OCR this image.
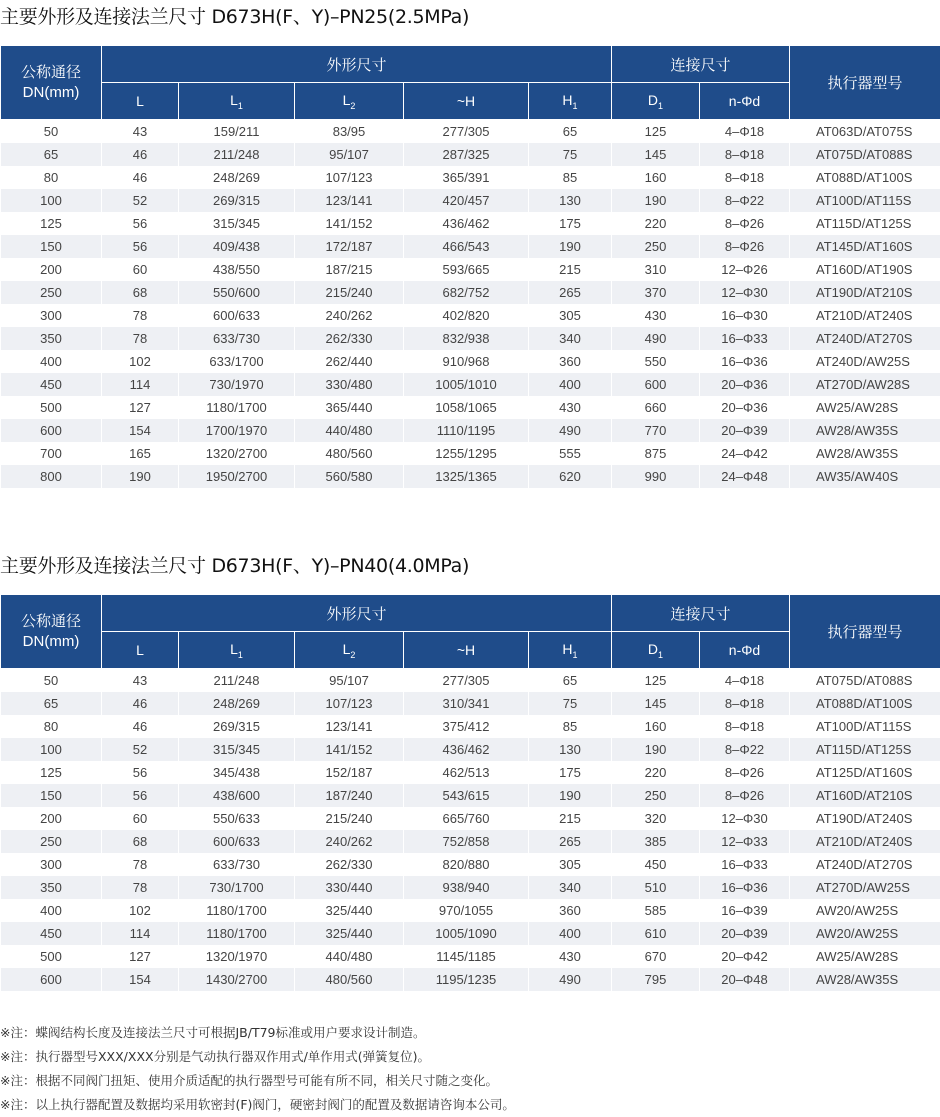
主要外形及连接法兰尺寸 D673H(F、Y)–PN25(2.5MPa)
公称通径
DN(mm)	外形尺寸					连接尺寸		执行器型号
	L	$L_1$	$L_2$	~H	$H_1$	$D_1$	n-Φd	
50	43	159/211	83/95	277/305	65	125	4–Φ18	AT063D/AT075S
65	46	211/248	95/107	287/325	75	145	8–Φ18	AT075D/AT088S
80	46	248/269	107/123	365/391	85	160	8–Φ18	AT088D/AT100S
100	52	269/315	123/141	420/457	130	190	8–Φ22	AT100D/AT115S
125	56	315/345	141/152	436/462	175	220	8–Φ26	AT115D/AT125S
150	56	409/438	172/187	466/543	190	250	8–Φ26	AT145D/AT160S
200	60	438/550	187/215	593/665	215	310	12–Φ26	AT160D/AT190S
250	68	550/600	215/240	682/752	265	370	12–Φ30	AT190D/AT210S
300	78	600/633	240/262	402/820	305	430	16–Φ30	AT210D/AT240S
350	78	633/730	262/330	832/938	340	490	16–Φ33	AT240D/AT270S
400	102	633/1700	262/440	910/968	360	550	16–Φ36	AT240D/AW25S
450	114	730/1970	330/480	1005/1010	400	600	20–Φ36	AT270D/AW28S
500	127	1180/1700	365/440	1058/1065	430	660	20–Φ36	AW25/AW28S
600	154	1700/1970	440/480	1110/1195	490	770	20–Φ39	AW28/AW35S
700	165	1320/2700	480/560	1255/1295	555	875	24–Φ42	AW28/AW35S
800	190	1950/2700	560/580	1325/1365	620	990	24–Φ48	AW35/AW40S
主要外形及连接法兰尺寸 D673H(F、Y)–PN40(4.0MPa)
公称通径
DN(mm)	外形尺寸					连接尺寸		执行器型号
	L	$L_1$	$L_2$	~H	$H_1$	$D_1$	n-Φd	
50	43	211/248	95/107	277/305	65	125	4–Φ18	AT075D/AT088S
65	46	248/269	107/123	310/341	75	145	8–Φ18	AT088D/AT100S
80	46	269/315	123/141	375/412	85	160	8–Φ18	AT100D/AT115S
100	52	315/345	141/152	436/462	130	190	8–Φ22	AT115D/AT125S
125	56	345/438	152/187	462/513	175	220	8–Φ26	AT125D/AT160S
150	56	438/600	187/240	543/615	190	250	8–Φ26	AT160D/AT210S
200	60	550/633	215/240	665/760	215	320	12–Φ30	AT190D/AT240S
250	68	600/633	240/262	752/858	265	385	12–Φ33	AT210D/AT240S
300	78	633/730	262/330	820/880	305	450	16–Φ33	AT240D/AT270S
350	78	730/1700	330/440	938/940	340	510	16–Φ36	AT270D/AW25S
400	102	1180/1700	325/440	970/1055	360	585	16–Φ39	AW20/AW25S
450	114	1180/1700	325/440	1005/1090	400	610	20–Φ39	AW20/AW25S
500	127	1320/1970	440/480	1145/1185	430	670	20–Φ42	AW25/AW28S
600	154	1430/2700	480/560	1195/1235	490	795	20–Φ48	AW28/AW35S
※注：蝶阀结构长度及连接法兰尺寸可根据JB/T79标准或用户要求设计制造。
※注：执行器型号XXX/XXX分别是气动执行器双作用式/单作用式(弹簧复位)。
※注：根据不同阀门扭矩、使用介质适配的执行器型号可能有所不同，相关尺寸随之变化。
※注：以上执行器配置及数据均采用软密封(F)阀门，硬密封阀门的配置及数据请咨询本公司。
